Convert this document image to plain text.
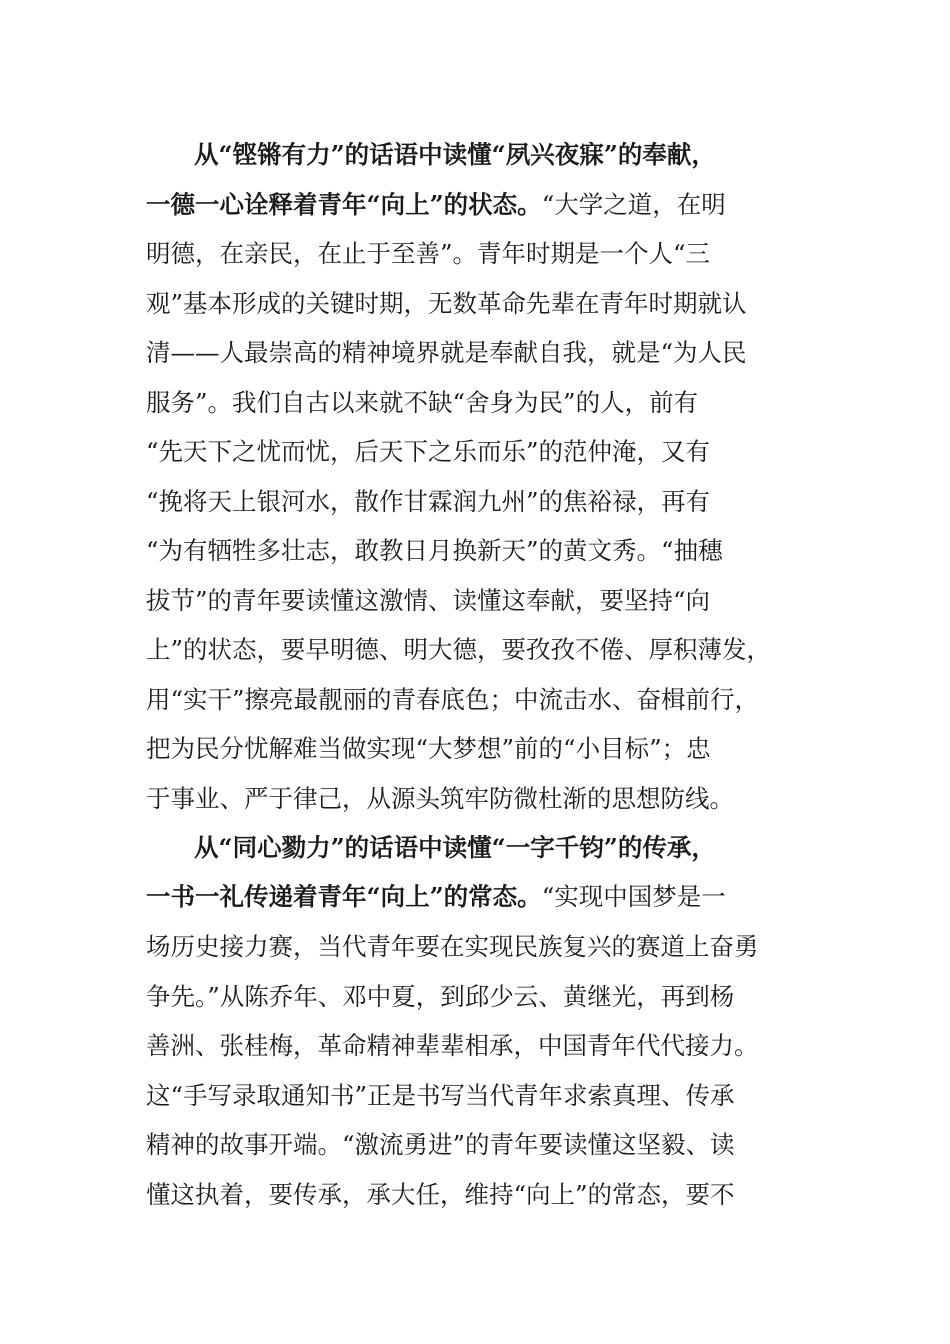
从“铿锵有力”的话语中读懂“夙兴夜寐”的奉献，
一德一心诠释着青年“向上”的状态。“大学之道，在明
明德，在亲民，在止于至善”。青年时期是一个人“三
观”基本形成的关键时期，无数革命先辈在青年时期就认
清——人最崇高的精神境界就是奉献自我，就是“为人民
服务”。我们自古以来就不缺“舍身为民”的人，前有
“先天下之忧而忧，后天下之乐而乐”的范仲淹，又有
“挽将天上银河水，散作甘霖润九州”的焦裕禄，再有
“为有牺牲多壮志，敢教日月换新天”的黄文秀。“抽穗
拔节”的青年要读懂这激情、读懂这奉献，要坚持“向
上”的状态，要早明德、明大德，要孜孜不倦、厚积薄发，
用“实干”擦亮最靓丽的青春底色；中流击水、奋楫前行，
把为民分忧解难当做实现“大梦想”前的“小目标”；忠
于事业、严于律己，从源头筑牢防微杜渐的思想防线。
从“同心勠力”的话语中读懂“一字千钧”的传承，
一书一礼传递着青年“向上”的常态。“实现中国梦是一
场历史接力赛，当代青年要在实现民族复兴的赛道上奋勇
争先。”从陈乔年、邓中夏，到邱少云、黄继光，再到杨
善洲、张桂梅，革命精神辈辈相承，中国青年代代接力。
这“手写录取通知书”正是书写当代青年求索真理、传承
精神的故事开端。“激流勇进”的青年要读懂这坚毅、读
懂这执着，要传承，承大任，维持“向上”的常态，要不
